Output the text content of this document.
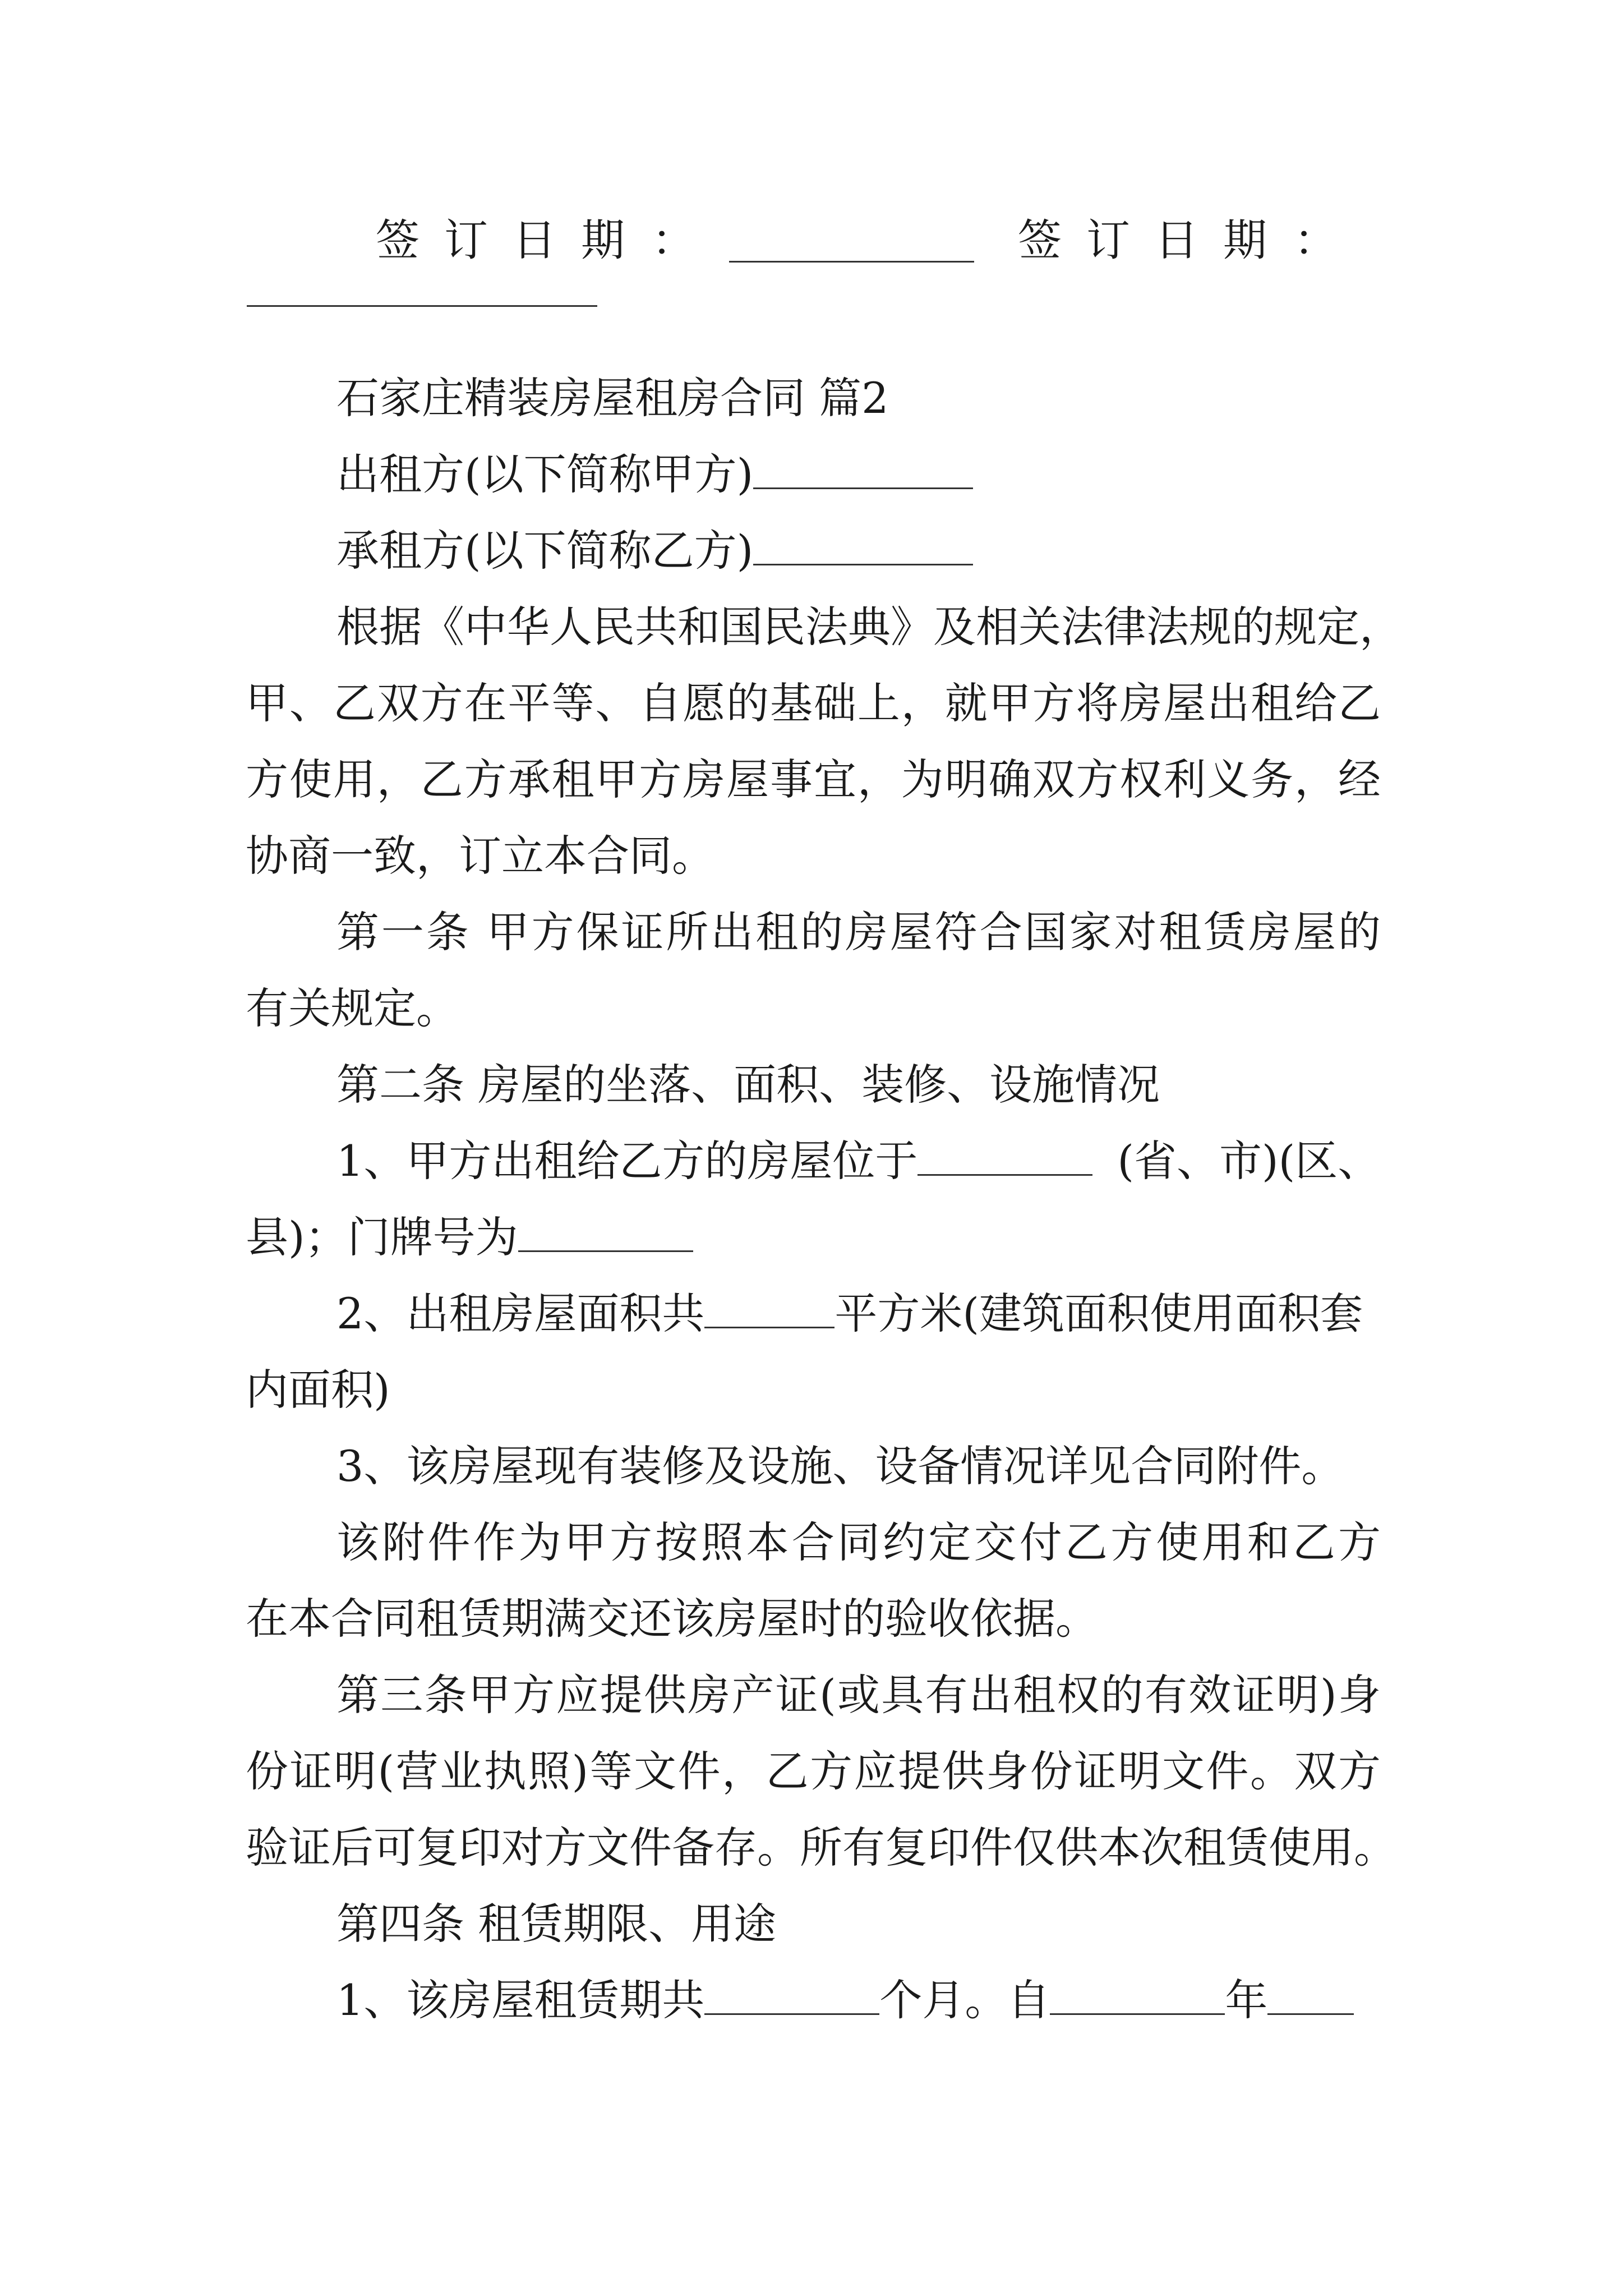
签订日期 ：	签订日期 ：
石家庄精装房屋租房合同 篇2
出租方(以下简称甲方)
承租方(以下简称乙方)
根据《中华人民共和国民法典》及相关法律法规的规定，
甲、乙双方在平等、自愿的基础上，就甲方将房屋出租给乙
方使用，乙方承租甲方房屋事宜，为明确双方权利义务，经
协商一致，订立本合同。
第一条 甲方保证所出租的房屋符合国家对租赁房屋的
有关规定。
第二条 房屋的坐落、面积、装修、设施情况
1、甲方出租给乙方的房屋位于	(省、市)(区、
县)；门牌号为
2、出租房屋面积共	平方米(建筑面积使用面积套
内面积)
3、该房屋现有装修及设施、设备情况详见合同附件。
该附件作为甲方按照本合同约定交付乙方使用和乙方
在本合同租赁期满交还该房屋时的验收依据。
第三条甲方应提供房产证(或具有出租权的有效证明)身
份证明(营业执照)等文件，乙方应提供身份证明文件。双方
验证后可复印对方文件备存。所有复印件仅供本次租赁使用。
第四条 租赁期限、用途
1、该房屋租赁期共	个月。自	年
